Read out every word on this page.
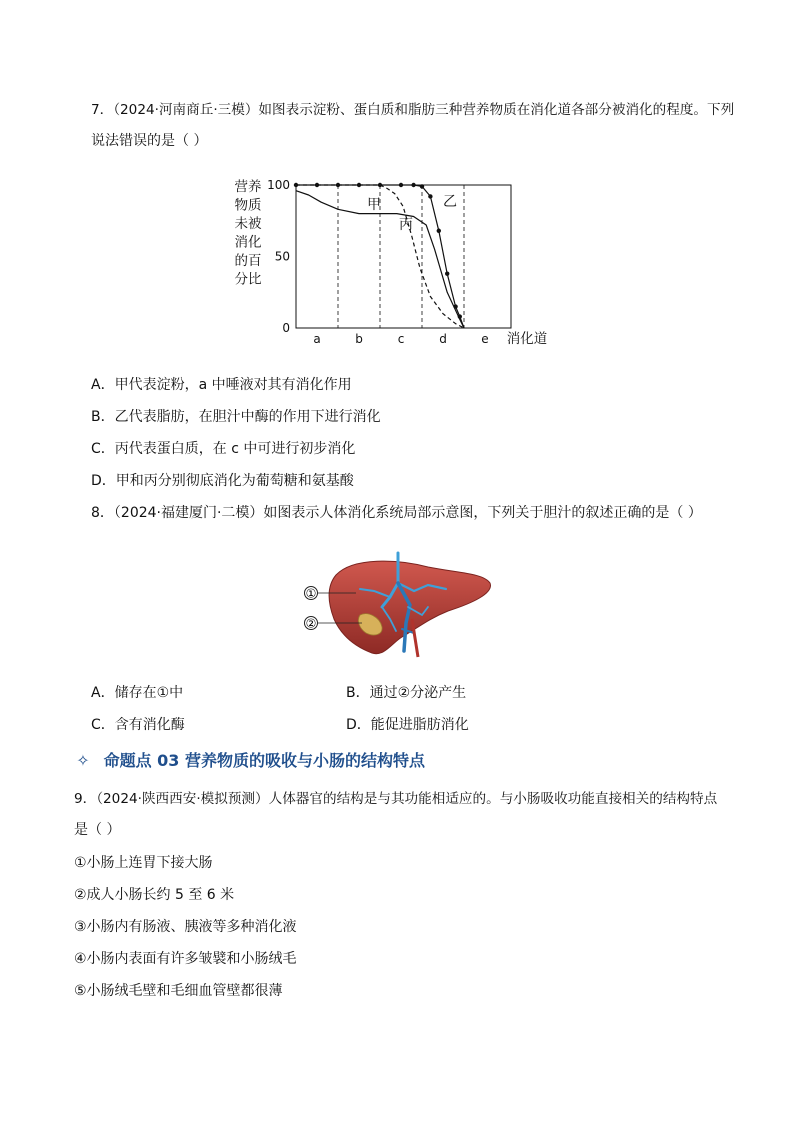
7．（2024·河南商丘·三模）如图表示淀粉、蛋白质和脂肪三种营养物质在消化道各部分被消化的程度。下列
说法错误的是（ ）
100
50
0
营养
物质
未被
消化
的百
分比
a	b	c	d	e 消化道
甲	乙
丙
A．甲代表淀粉，a 中唾液对其有消化作用
B．乙代表脂肪，在胆汁中酶的作用下进行消化
C．丙代表蛋白质，在 c 中可进行初步消化
D．甲和丙分别彻底消化为葡萄糖和氨基酸
8．（2024·福建厦门·二模）如图表示人体消化系统局部示意图，下列关于胆汁的叙述正确的是（ ）
①
②
A．储存在①中	B．通过②分泌产生
C．含有消化酶	D．能促进脂肪消化
✧ 命题点 03 营养物质的吸收与小肠的结构特点
9．（2024·陕西西安·模拟预测）人体器官的结构是与其功能相适应的。与小肠吸收功能直接相关的结构特点
是（ ）
①小肠上连胃下接大肠
②成人小肠长约 5 至 6 米
③小肠内有肠液、胰液等多种消化液
④小肠内表面有许多皱襞和小肠绒毛
⑤小肠绒毛壁和毛细血管壁都很薄
